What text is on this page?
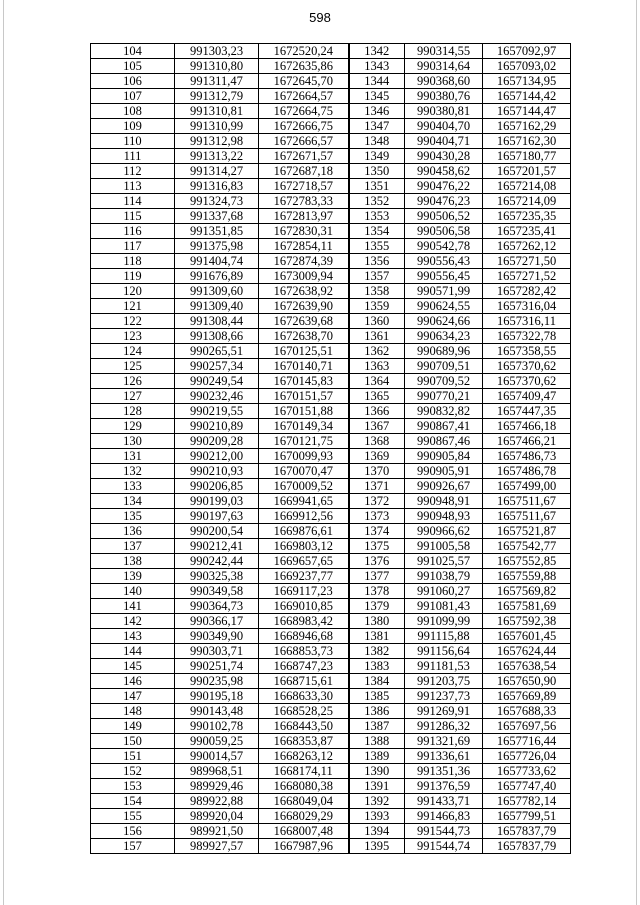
598
104	991303,23	1672520,24	1342	990314,55	1657092,97
105	991310,80	1672635,86	1343	990314,64	1657093,02
106	991311,47	1672645,70	1344	990368,60	1657134,95
107	991312,79	1672664,57	1345	990380,76	1657144,42
108	991310,81	1672664,75	1346	990380,81	1657144,47
109	991310,99	1672666,75	1347	990404,70	1657162,29
110	991312,98	1672666,57	1348	990404,71	1657162,30
111	991313,22	1672671,57	1349	990430,28	1657180,77
112	991314,27	1672687,18	1350	990458,62	1657201,57
113	991316,83	1672718,57	1351	990476,22	1657214,08
114	991324,73	1672783,33	1352	990476,23	1657214,09
115	991337,68	1672813,97	1353	990506,52	1657235,35
116	991351,85	1672830,31	1354	990506,58	1657235,41
117	991375,98	1672854,11	1355	990542,78	1657262,12
118	991404,74	1672874,39	1356	990556,43	1657271,50
119	991676,89	1673009,94	1357	990556,45	1657271,52
120	991309,60	1672638,92	1358	990571,99	1657282,42
121	991309,40	1672639,90	1359	990624,55	1657316,04
122	991308,44	1672639,68	1360	990624,66	1657316,11
123	991308,66	1672638,70	1361	990634,23	1657322,78
124	990265,51	1670125,51	1362	990689,96	1657358,55
125	990257,34	1670140,71	1363	990709,51	1657370,62
126	990249,54	1670145,83	1364	990709,52	1657370,62
127	990232,46	1670151,57	1365	990770,21	1657409,47
128	990219,55	1670151,88	1366	990832,82	1657447,35
129	990210,89	1670149,34	1367	990867,41	1657466,18
130	990209,28	1670121,75	1368	990867,46	1657466,21
131	990212,00	1670099,93	1369	990905,84	1657486,73
132	990210,93	1670070,47	1370	990905,91	1657486,78
133	990206,85	1670009,52	1371	990926,67	1657499,00
134	990199,03	1669941,65	1372	990948,91	1657511,67
135	990197,63	1669912,56	1373	990948,93	1657511,67
136	990200,54	1669876,61	1374	990966,62	1657521,87
137	990212,41	1669803,12	1375	991005,58	1657542,77
138	990242,44	1669657,65	1376	991025,57	1657552,85
139	990325,38	1669237,77	1377	991038,79	1657559,88
140	990349,58	1669117,23	1378	991060,27	1657569,82
141	990364,73	1669010,85	1379	991081,43	1657581,69
142	990366,17	1668983,42	1380	991099,99	1657592,38
143	990349,90	1668946,68	1381	991115,88	1657601,45
144	990303,71	1668853,73	1382	991156,64	1657624,44
145	990251,74	1668747,23	1383	991181,53	1657638,54
146	990235,98	1668715,61	1384	991203,75	1657650,90
147	990195,18	1668633,30	1385	991237,73	1657669,89
148	990143,48	1668528,25	1386	991269,91	1657688,33
149	990102,78	1668443,50	1387	991286,32	1657697,56
150	990059,25	1668353,87	1388	991321,69	1657716,44
151	990014,57	1668263,12	1389	991336,61	1657726,04
152	989968,51	1668174,11	1390	991351,36	1657733,62
153	989929,46	1668080,38	1391	991376,59	1657747,40
154	989922,88	1668049,04	1392	991433,71	1657782,14
155	989920,04	1668029,29	1393	991466,83	1657799,51
156	989921,50	1668007,48	1394	991544,73	1657837,79
157	989927,57	1667987,96	1395	991544,74	1657837,79
